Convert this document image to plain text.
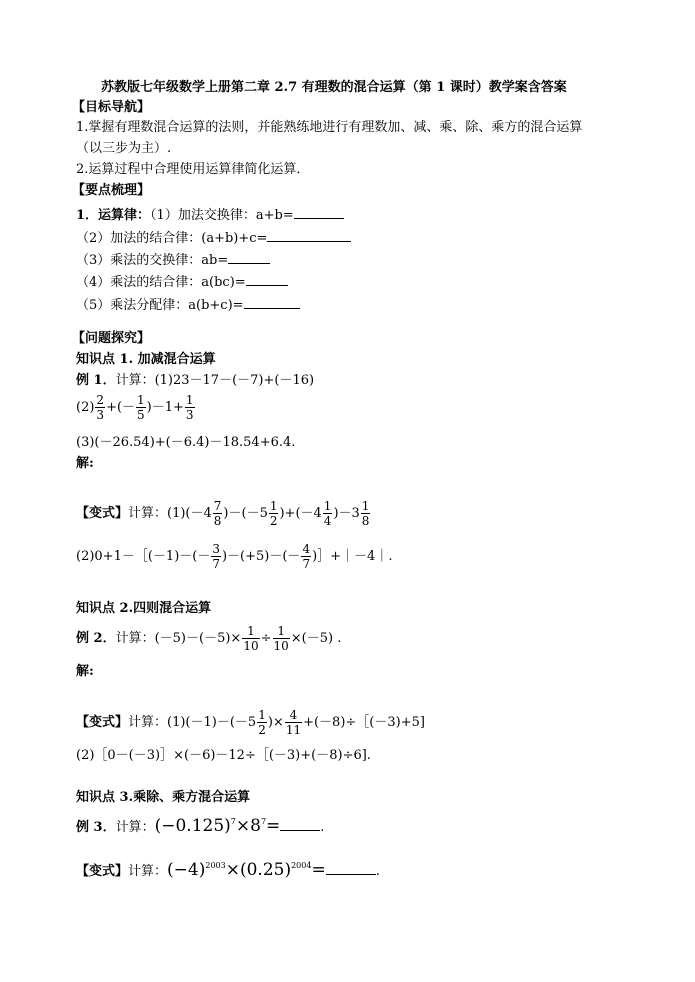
苏教版七年级数学上册第二章 2.7 有理数的混合运算（第 1 课时）教学案含答案
【目标导航】
1.掌握有理数混合运算的法则，并能熟练地进行有理数加、减、乘、除、乘方的混合运算
（以三步为主）.
2.运算过程中合理使用运算律简化运算．
【要点梳理】
1．运算律：（1）加法交换律：a+b=
（2）加法的结合律：(a+b)+c=
（3）乘法的交换律：ab=
（4）乘法的结合律：a(bc)=
（5）乘法分配律：a(b+c)=
【问题探究】
知识点 1. 加减混合运算
例 1．计算：(1)23－17－(－7)+(－16)
$(2) \frac{2}{3}$ +(－ $\frac{1}{5} )-1+ \frac{1}{3}$
(3)(－26.54)+(－6.4)－18.54+6.4.
解:
【变式】计算：$(1)(-4 \frac{7}{8} )-(-5 \frac{1}{2} )+(-4 \frac{1}{4} )-3 \frac{1}{8}$
(2)0+1－［(－1)－(－ $\frac{3}{7} )-(+5)-(- \frac{4}{7}$ )］+｜－4｜.
知识点 2.四则混合运算
例 2．计算：$(-5)-(-5)\times \frac{1}{10} \div \frac{1}{10} \times(-5)$ .
解:
【变式】计算：$(1)(-1)-(-5 \frac{1}{2}$ )× $\frac{4}{11}$ +(－8)÷［(－3)+5]
(2)［0－(－3)］×(－6)－12÷［(－3)+(－8)÷6].
知识点 3.乘除、乘方混合运算
例 3．计算：$(-0.125)^7\times 8^7=$	.
【变式】计算：$(-4)^{2003}\times(0.25)^{2004}=$	.
